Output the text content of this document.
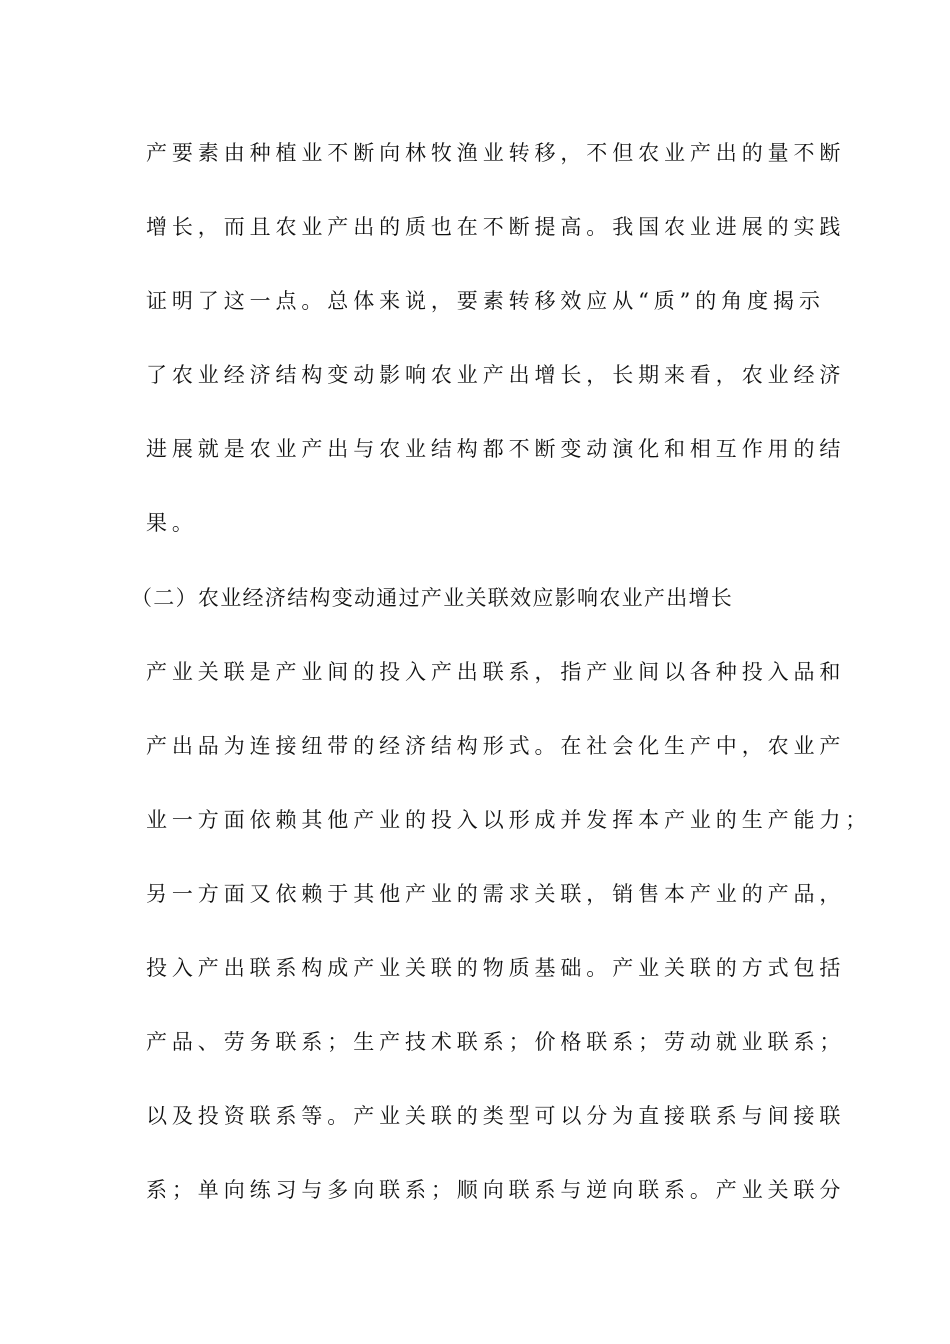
产要素由种植业不断向林牧渔业转移，不但农业产出的量不断
增长，而且农业产出的质也在不断提高。我国农业进展的实践
证明了这一点。总体来说，要素转移效应从“质”的角度揭示
了农业经济结构变动影响农业产出增长，长期来看，农业经济
进展就是农业产出与农业结构都不断变动演化和相互作用的结
果。
（二）农业经济结构变动通过产业关联效应影响农业产出增长
产业关联是产业间的投入产出联系，指产业间以各种投入品和
产出品为连接纽带的经济结构形式。在社会化生产中，农业产
业一方面依赖其他产业的投入以形成并发挥本产业的生产能力；
另一方面又依赖于其他产业的需求关联，销售本产业的产品，
投入产出联系构成产业关联的物质基础。产业关联的方式包括
产品、劳务联系；生产技术联系；价格联系；劳动就业联系；
以及投资联系等。产业关联的类型可以分为直接联系与间接联
系；单向练习与多向联系；顺向联系与逆向联系。产业关联分
